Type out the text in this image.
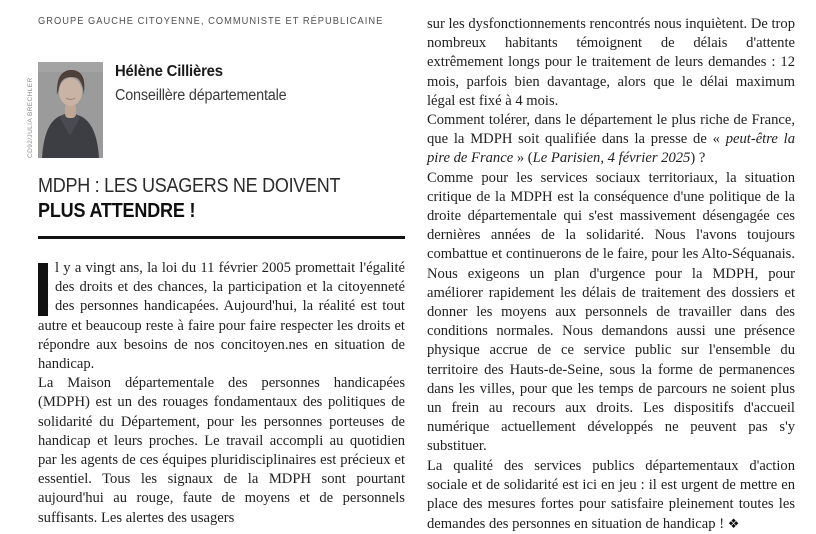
GROUPE GAUCHE CITOYENNE, COMMUNISTE ET RÉPUBLICAINE
CD92/JULIA BRECHLER
Hélène Cillières
Conseillère départementale
MDPH : LES USAGERS NE DOIVENT
PLUS ATTENDRE !

l y a vingt ans, la loi du 11 février 2005 promettait l'égalité des droits et des chances, la participation et la citoyenneté des personnes handicapées. Aujourd'hui, la réalité est tout autre et beaucoup reste à faire pour faire respecter les droits et répondre aux besoins de nos concitoyen.nes en situation de handicap.

La Maison départementale des personnes handicapées (MDPH) est un des rouages fondamentaux des politiques de solidarité du Département, pour les personnes porteuses de handicap et leurs proches. Le travail accompli au quotidien par les agents de ces équipes pluridisciplinaires est précieux et essentiel. Tous les signaux de la MDPH sont pourtant aujourd'hui au rouge, faute de moyens et de personnels suffisants. Les alertes des usagers

sur les dysfonctionnements rencontrés nous inquiètent. De trop nombreux habitants témoignent de délais d'attente extrêmement longs pour le traitement de leurs demandes : 12 mois, parfois bien davantage, alors que le délai maximum légal est fixé à 4 mois.

Comment tolérer, dans le département le plus riche de France, que la MDPH soit qualifiée dans la presse de « peut-être la pire de France » (Le Parisien, 4 février 2025) ?

Comme pour les services sociaux territoriaux, la situation critique de la MDPH est la conséquence d'une politique de la droite départementale qui s'est massivement désengagée ces dernières années de la solidarité. Nous l'avons toujours combattue et continuerons de le faire, pour les Alto-Séquanais. Nous exigeons un plan d'urgence pour la MDPH, pour améliorer rapidement les délais de traitement des dossiers et donner les moyens aux personnels de travailler dans des conditions normales. Nous demandons aussi une présence physique accrue de ce service public sur l'ensemble du territoire des Hauts-de-Seine, sous la forme de permanences dans les villes, pour que les temps de parcours ne soient plus un frein au recours aux droits. Les dispositifs d'accueil numérique actuellement développés ne peuvent pas s'y substituer.

La qualité des services publics départementaux d'action sociale et de solidarité est ici en jeu : il est urgent de mettre en place des mesures fortes pour satisfaire pleinement toutes les demandes des personnes en situation de handicap ! ❖
